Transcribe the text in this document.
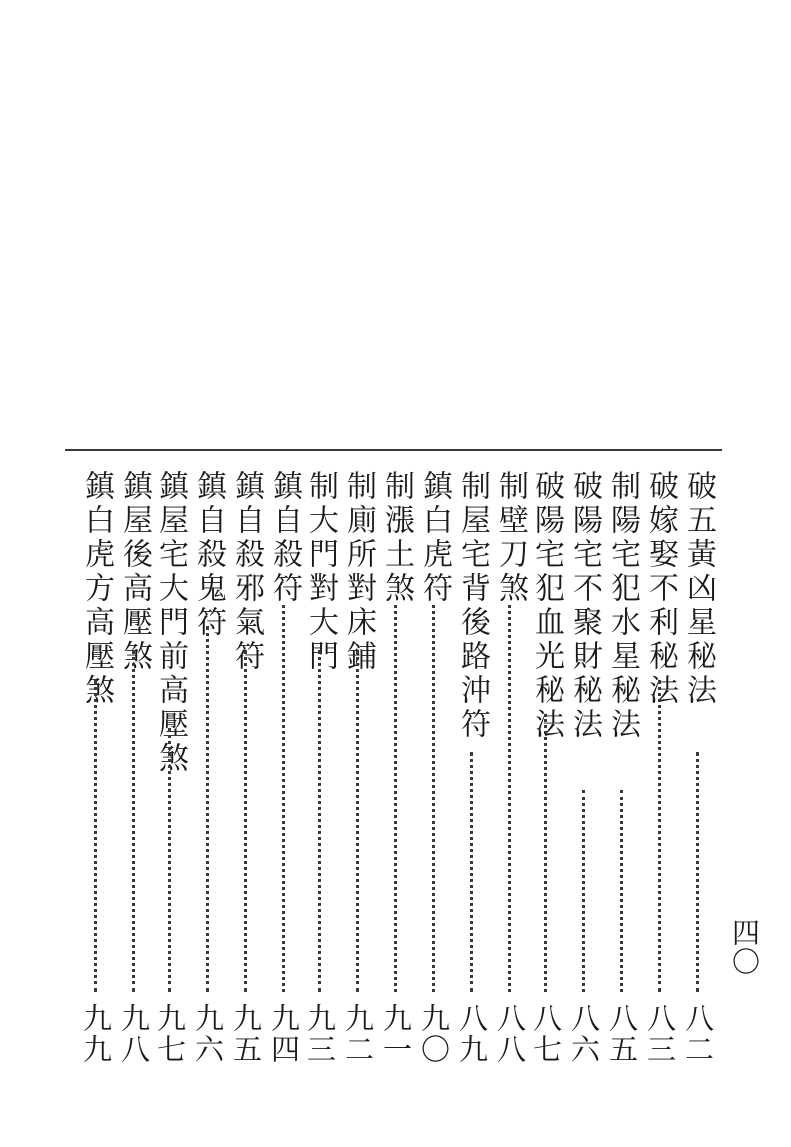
破五黃凶星秘法
八二
破嫁娶不利秘法
八三
制陽宅犯水星秘法
八五
破陽宅不聚財秘法
八六
破陽宅犯血光秘法
八七
制壁刀煞
八八
制屋宅背後路沖符
八九
鎮白虎符
九〇
制漲土煞
九一
制廁所對床鋪
九二
制大門對大門
九三
鎮自殺符
九四
鎮自殺邪氣符
九五
鎮自殺鬼符
九六
鎮屋宅大門前高壓煞
九七
鎮屋後高壓煞
九八
鎮白虎方高壓煞
九九
四〇
